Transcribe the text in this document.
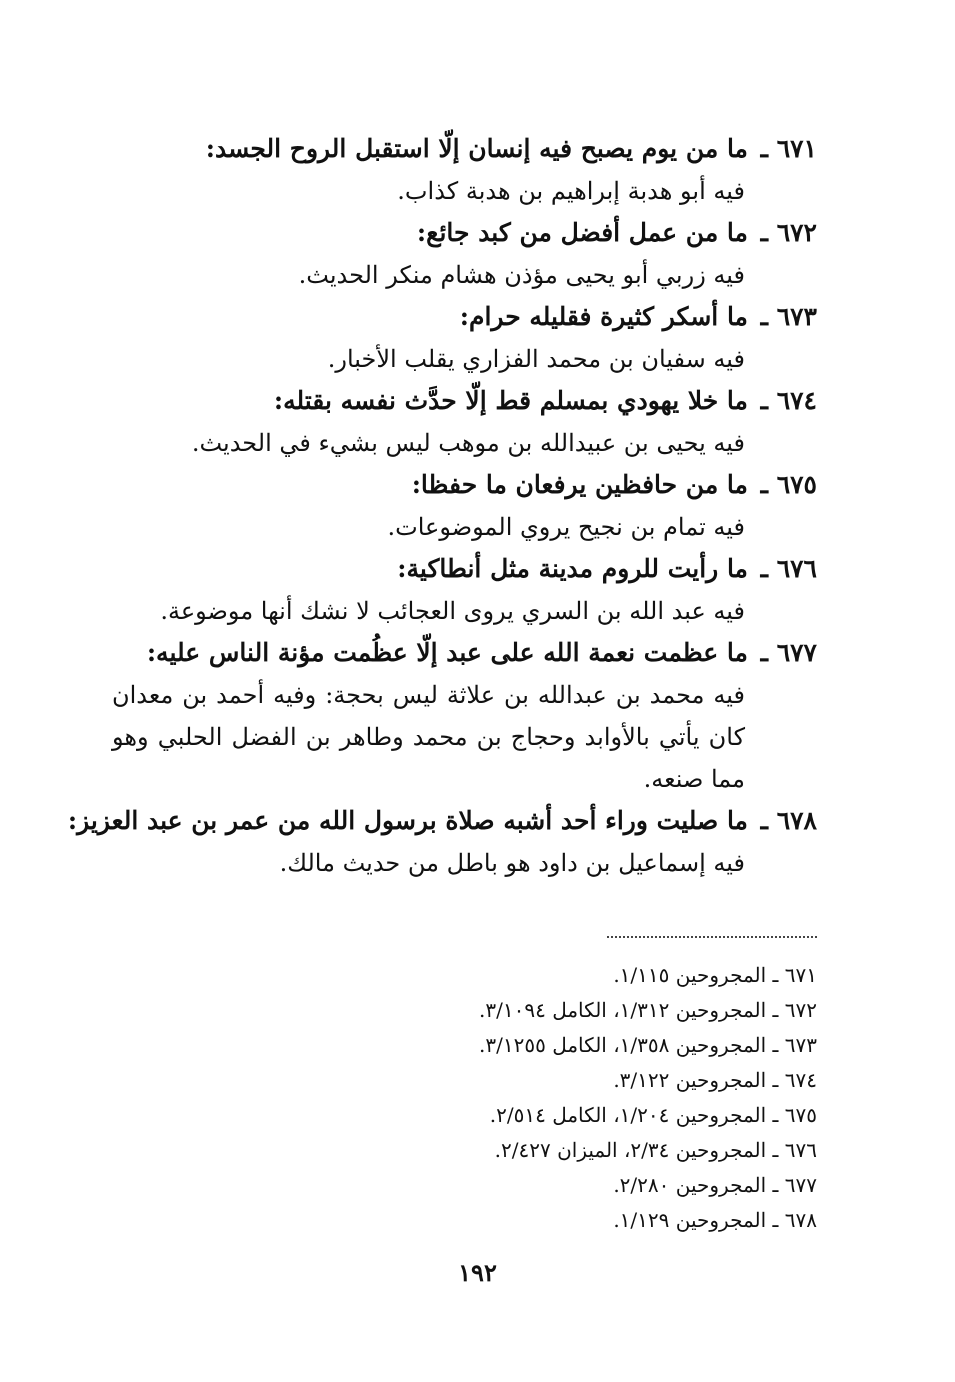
٦٧١ ـ ما من يوم يصبح فيه إنسان إلّا استقبل الروح الجسد:
فيه أبو هدبة إبراهيم بن هدبة كذاب.
٦٧٢ ـ ما من عمل أفضل من كبد جائع:
فيه زربي أبو يحيى مؤذن هشام منكر الحديث.
٦٧٣ ـ ما أسكر كثيرة فقليله حرام:
فيه سفيان بن محمد الفزاري يقلب الأخبار.
٦٧٤ ـ ما خلا يهودي بمسلم قط إلّا حدَّث نفسه بقتله:
فيه يحيى بن عبيدالله بن موهب ليس بشيء في الحديث.
٦٧٥ ـ ما من حافظين يرفعان ما حفظا:
فيه تمام بن نجيح يروي الموضوعات.
٦٧٦ ـ ما رأيت للروم مدينة مثل أنطاكية:
فيه عبد الله بن السري يروى العجائب لا نشك أنها موضوعة.
٦٧٧ ـ ما عظمت نعمة الله على عبد إلّا عظُمت مؤنة الناس عليه:
فيه محمد بن عبدالله بن علاثة ليس بحجة: وفيه أحمد بن معدان كان يأتي بالأوابد وحجاج بن محمد وطاهر بن الفضل الحلبي وهو مما صنعه.
٦٧٨ ـ ما صليت وراء أحد أشبه صلاة برسول الله من عمر بن عبد العزيز:
فيه إسماعيل بن داود هو باطل من حديث مالك.
٦٧١ ـ المجروحين ١/١١٥.
٦٧٢ ـ المجروحين ١/٣١٢، الكامل ٣/١٠٩٤.
٦٧٣ ـ المجروحين ١/٣٥٨، الكامل ٣/١٢٥٥.
٦٧٤ ـ المجروحين ٣/١٢٢.
٦٧٥ ـ المجروحين ١/٢٠٤، الكامل ٢/٥١٤.
٦٧٦ ـ المجروحين ٢/٣٤، الميزان ٢/٤٢٧.
٦٧٧ ـ المجروحين ٢/٢٨٠.
٦٧٨ ـ المجروحين ١/١٢٩.
١٩٢
